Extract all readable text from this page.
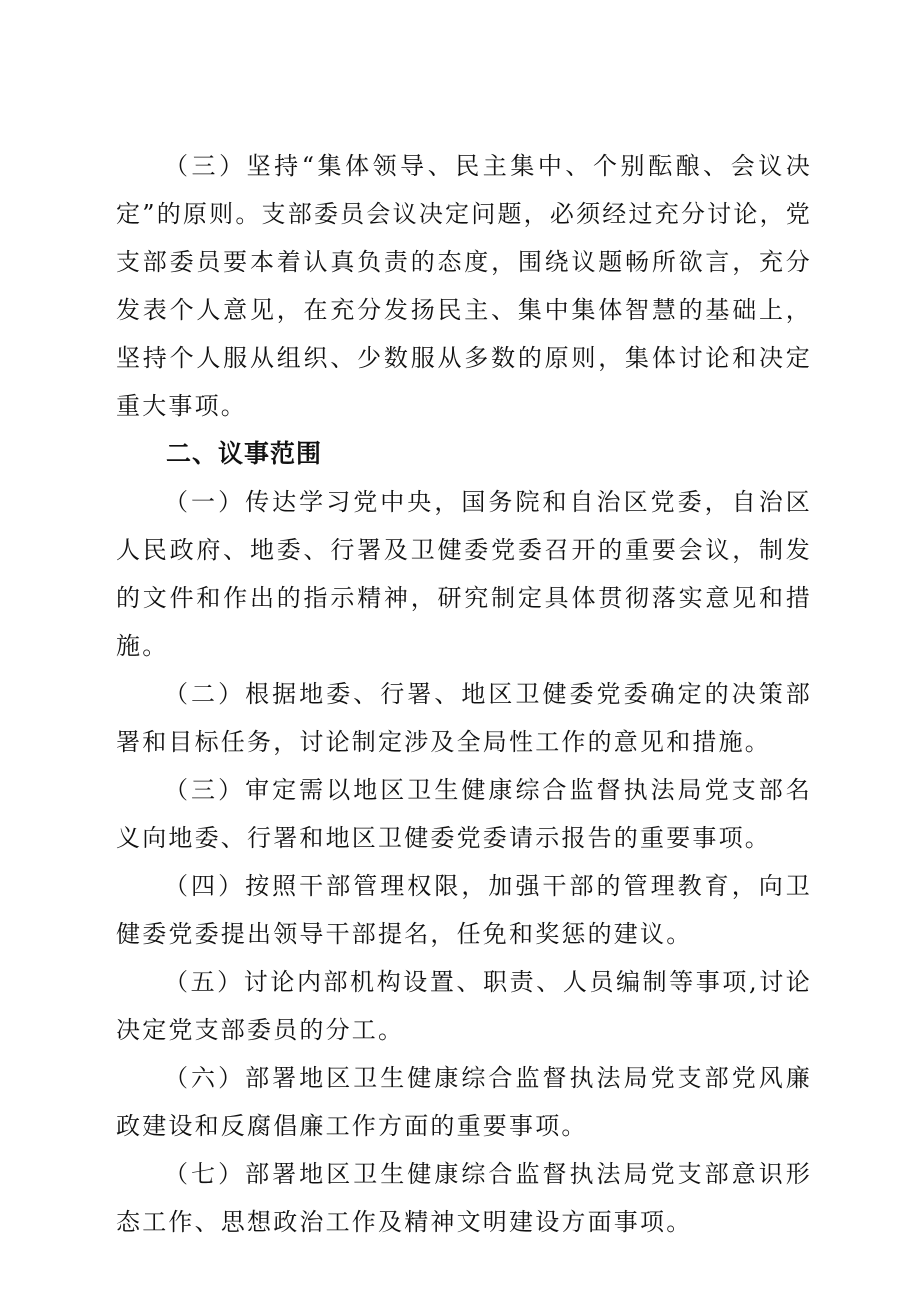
（三）坚持“集体领导、民主集中、个别酝酿、会议决定”的原则。支部委员会议决定问题，必须经过充分讨论，党支部委员要本着认真负责的态度，围绕议题畅所欲言，充分发表个人意见，在充分发扬民主、集中集体智慧的基础上，坚持个人服从组织、少数服从多数的原则，集体讨论和决定重大事项。

二、议事范围

（一）传达学习党中央，国务院和自治区党委，自治区人民政府、地委、行署及卫健委党委召开的重要会议，制发的文件和作出的指示精神，研究制定具体贯彻落实意见和措施。

（二）根据地委、行署、地区卫健委党委确定的决策部署和目标任务，讨论制定涉及全局性工作的意见和措施。

（三）审定需以地区卫生健康综合监督执法局党支部名义向地委、行署和地区卫健委党委请示报告的重要事项。

（四）按照干部管理权限，加强干部的管理教育，向卫健委党委提出领导干部提名，任免和奖惩的建议。

（五）讨论内部机构设置、职责、人员编制等事项,讨论决定党支部委员的分工。

（六）部署地区卫生健康综合监督执法局党支部党风廉政建设和反腐倡廉工作方面的重要事项。

（七）部署地区卫生健康综合监督执法局党支部意识形态工作、思想政治工作及精神文明建设方面事项。
